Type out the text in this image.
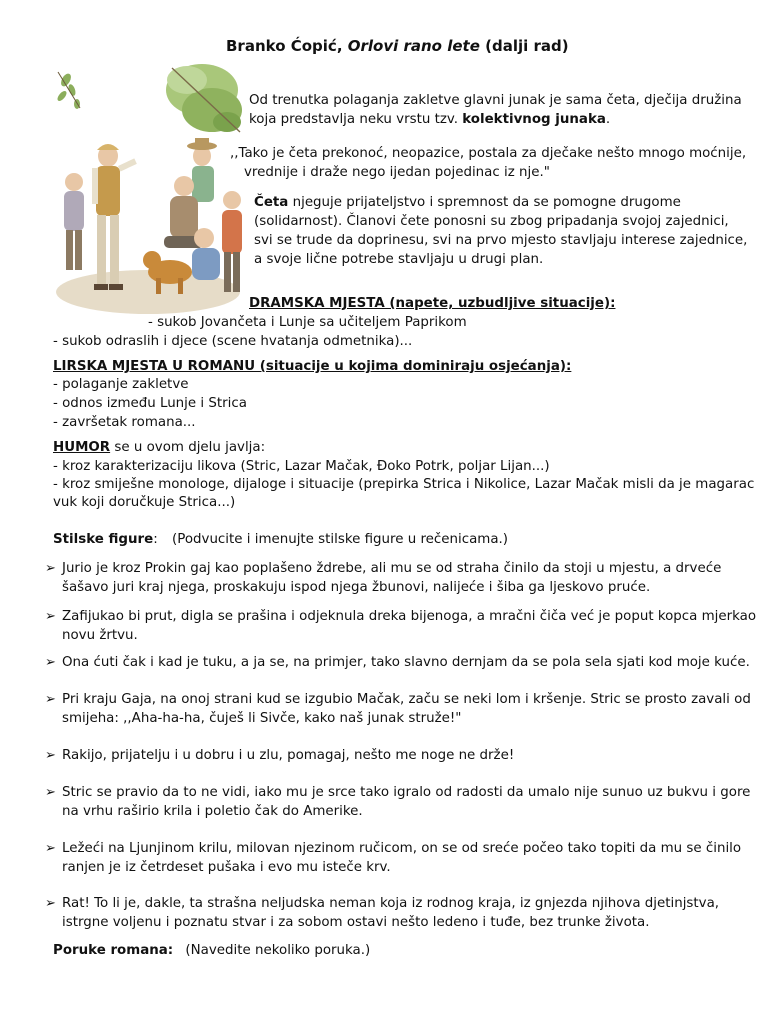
Branko Ćopić, Orlovi rano lete (dalji rad)
Od trenutka polaganja zakletve glavni junak je sama četa, dječija družina
koja predstavlja neku vrstu tzv. kolektivnog junaka.
,,Tako je četa prekonoć, neopazice, postala za dječake nešto mnogo moćnije,
vrednije i draže nego ijedan pojedinac iz nje."
Četa njeguje prijateljstvo i spremnost da se pomogne drugome
(solidarnost). Članovi čete ponosni su zbog pripadanja svojoj zajednici,
svi se trude da doprinesu, svi na prvo mjesto stavljaju interese zajednice,
a svoje lične potrebe stavljaju u drugi plan.
DRAMSKA MJESTA (napete, uzbudljive situacije):
- sukob Jovančeta i Lunje sa učiteljem Paprikom
- sukob odraslih i djece (scene hvatanja odmetnika)...
LIRSKA MJESTA U ROMANU (situacije u kojima dominiraju osjećanja):
- polaganje zakletve
- odnos između Lunje i Strica
- završetak romana...
HUMOR se u ovom djelu javlja:
- kroz karakterizaciju likova (Stric, Lazar Mačak, Đoko Potrk, poljar Lijan...)
- kroz smiješne monologe, dijaloge i situacije (prepirka Strica i Nikolice, Lazar Mačak misli da je magarac
vuk koji doručkuje Strica...)
Stilske figure: (Podvucite i imenujte stilske figure u rečenicama.)
➢ Jurio je kroz Prokin gaj kao poplašeno ždrebe, ali mu se od straha činilo da stoji u mjestu, a drveće
šašavo juri kraj njega, proskakuju ispod njega žbunovi, nalijeće i šiba ga ljeskovo pruće.
➢ Zafijukao bi prut, digla se prašina i odjeknula dreka bijenoga, a mračni čiča već je poput kopca mjerkao
novu žrtvu.
➢ Ona ćuti čak i kad je tuku, a ja se, na primjer, tako slavno dernjam da se pola sela sjati kod moje kuće.
➢ Pri kraju Gaja, na onoj strani kud se izgubio Mačak, začu se neki lom i kršenje. Stric se prosto zavali od
smijeha: ,,Aha-ha-ha, čuješ li Sivče, kako naš junak struže!"
➢ Rakijo, prijatelju i u dobru i u zlu, pomagaj, nešto me noge ne drže!
➢ Stric se pravio da to ne vidi, iako mu je srce tako igralo od radosti da umalo nije sunuo uz bukvu i gore
na vrhu raširio krila i poletio čak do Amerike.
➢ Ležeći na Ljunjinom krilu, milovan njezinom ručicom, on se od sreće počeo tako topiti da mu se činilo
ranjen je iz četrdeset pušaka i evo mu isteče krv.
➢ Rat! To li je, dakle, ta strašna neljudska neman koja iz rodnog kraja, iz gnjezda njihova djetinjstva,
istrgne voljenu i poznatu stvar i za sobom ostavi nešto ledeno i tuđe, bez trunke života.
Poruke romana: (Navedite nekoliko poruka.)
